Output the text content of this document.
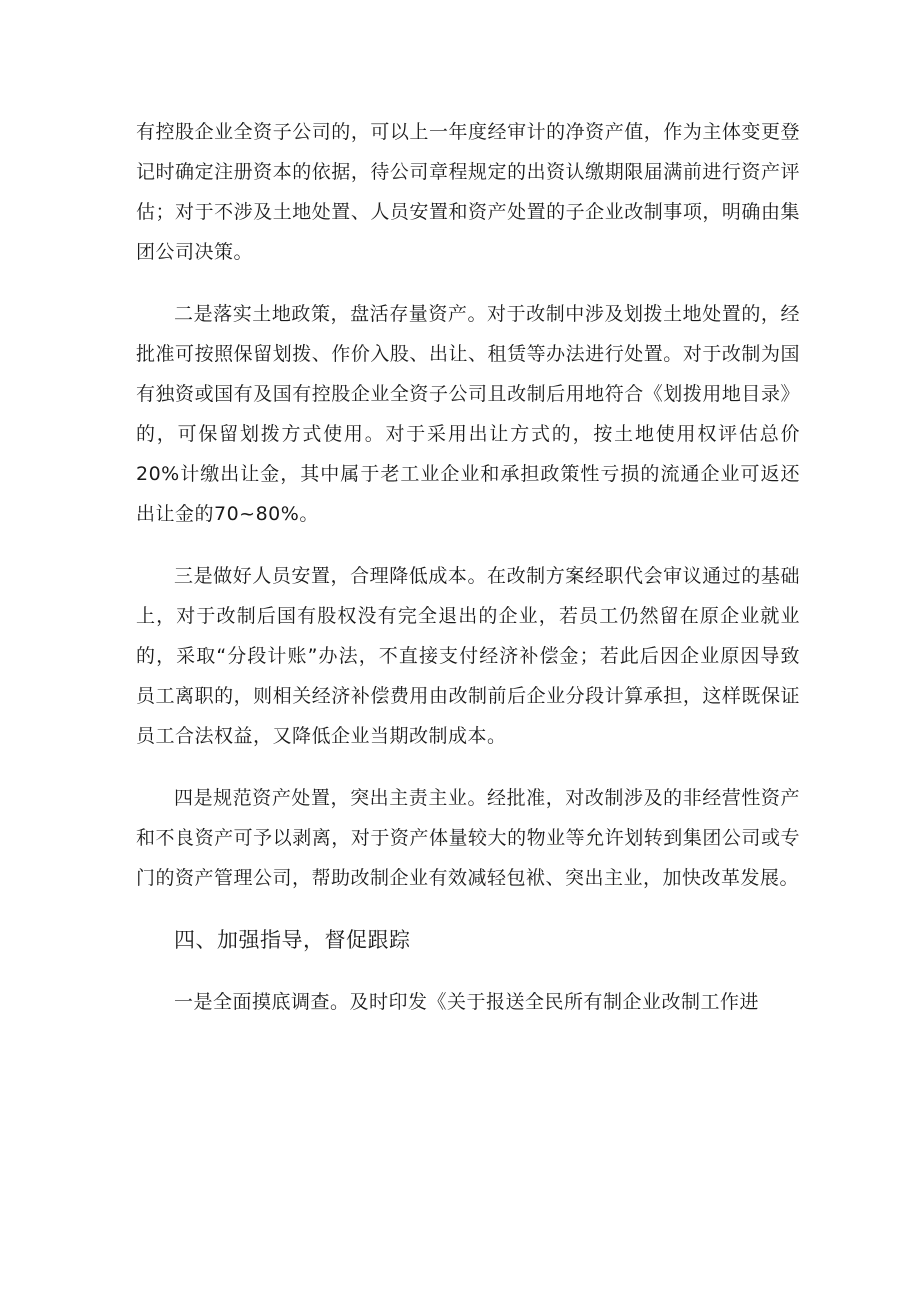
有控股企业全资子公司的，可以上一年度经审计的净资产值，作为主体变更登记时确定注册资本的依据，待公司章程规定的出资认缴期限届满前进行资产评估；对于不涉及土地处置、人员安置和资产处置的子企业改制事项，明确由集团公司决策。

二是落实土地政策，盘活存量资产。对于改制中涉及划拨土地处置的，经批准可按照保留划拨、作价入股、出让、租赁等办法进行处置。对于改制为国有独资或国有及国有控股企业全资子公司且改制后用地符合《划拨用地目录》的，可保留划拨方式使用。对于采用出让方式的，按土地使用权评估总价20%计缴出让金，其中属于老工业企业和承担政策性亏损的流通企业可返还出让金的70~80%。

三是做好人员安置，合理降低成本。在改制方案经职代会审议通过的基础上，对于改制后国有股权没有完全退出的企业，若员工仍然留在原企业就业的，采取“分段计账”办法，不直接支付经济补偿金；若此后因企业原因导致员工离职的，则相关经济补偿费用由改制前后企业分段计算承担，这样既保证员工合法权益，又降低企业当期改制成本。

四是规范资产处置，突出主责主业。经批准，对改制涉及的非经营性资产和不良资产可予以剥离，对于资产体量较大的物业等允许划转到集团公司或专门的资产管理公司，帮助改制企业有效减轻包袱、突出主业，加快改革发展。

四、加强指导，督促跟踪

一是全面摸底调查。及时印发《关于报送全民所有制企业改制工作进
